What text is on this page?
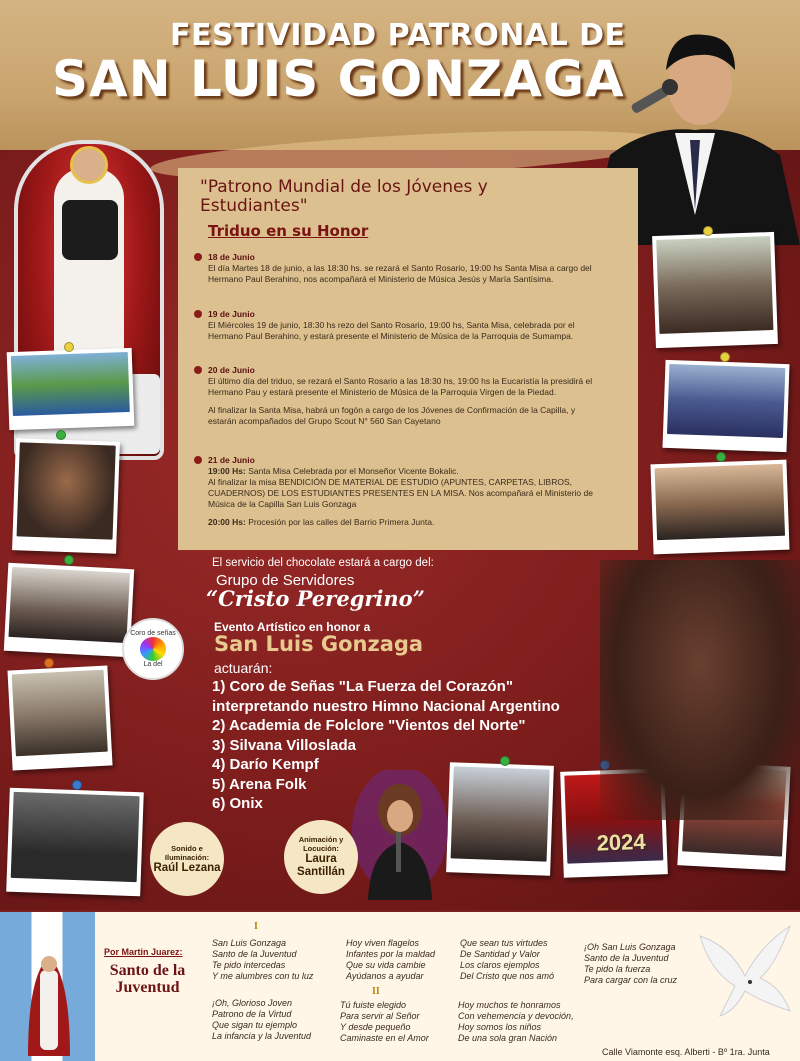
FESTIVIDAD PATRONAL DE
SAN LUIS GONZAGA
"Patrono Mundial de los Jóvenes y Estudiantes"
Triduo en su Honor
18 de Junio
El día Martes 18 de junio, a las 18:30 hs. se rezará el Santo Rosario, 19:00 hs Santa Misa a cargo del Hermano Paul Berahino, nos acompañará el Ministerio de Música Jesús y María Santísima.
19 de Junio
El Miércoles 19 de junio, 18:30 hs rezo del Santo Rosario, 19:00 hs, Santa Misa, celebrada por el Hermano Paul Berahino, y estará presente el Ministerio de Música de la Parroquia de Sumampa.
20 de Junio
El último día del triduo, se rezará el Santo Rosario a las 18:30 hs, 19:00 hs la Eucaristía la presidirá el Hermano Pau y estará presente el Ministerio de Música de la Parroquia Virgen de la Piedad.
Al finalizar la Santa Misa, habrá un fogón a cargo de los Jóvenes de Confirmación de la Capilla, y estarán acompañados del Grupo Scout N° 560 San Cayetano
21 de Junio
19:00 Hs: Santa Misa Celebrada por el Monseñor Vicente Bokalic.
Al finalizar la misa BENDICIÓN DE MATERIAL DE ESTUDIO (APUNTES, CARPETAS, LIBROS, CUADERNOS) DE LOS ESTUDIANTES PRESENTES EN LA MISA. Nos acompañará el Ministerio de Música de la Capilla San Luis Gonzaga
20:00 Hs: Procesión por las calles del Barrio Primera Junta.
2024
El servicio del chocolate estará a cargo del:
Grupo de Servidores
“Cristo Peregrino”
Evento Artístico en honor a
San Luis Gonzaga
actuarán:
1) Coro de Señas "La Fuerza del Corazón"
interpretando nuestro Himno Nacional Argentino
2) Academia de Folclore "Vientos del Norte"
3) Silvana Villoslada
4) Darío Kempf
5) Arena Folk
6) Onix
Coro de señas
La del
Sonido e Iluminación:
Raúl Lezana
Animación y Locución:
Laura Santillán
Por Martin Juarez:
Santo de la Juventud
I
II
San Luis Gonzaga
Santo de la Juventud
Te pido intercedas
Y me alumbres con tu luz
Hoy viven flagelos
Infantes por la maldad
Que su vida cambie
Ayúdanos a ayudar
Que sean tus virtudes
De Santidad y Valor
Los claros ejemplos
Del Cristo que nos amó
¡Oh San Luis Gonzaga
Santo de la Juventud
Te pido la fuerza
Para cargar con la cruz
¡Oh, Glorioso Joven
Patrono de la Virtud
Que sigan tu ejemplo
La infancia y la Juventud
Tú fuiste elegido
Para servir al Señor
Y desde pequeño
Caminaste en el Amor
Hoy muchos te honramos
Con vehemencia y devoción,
Hoy somos los niños
De una sola gran Nación
Calle Viamonte esq. Alberti - Bº 1ra. Junta
